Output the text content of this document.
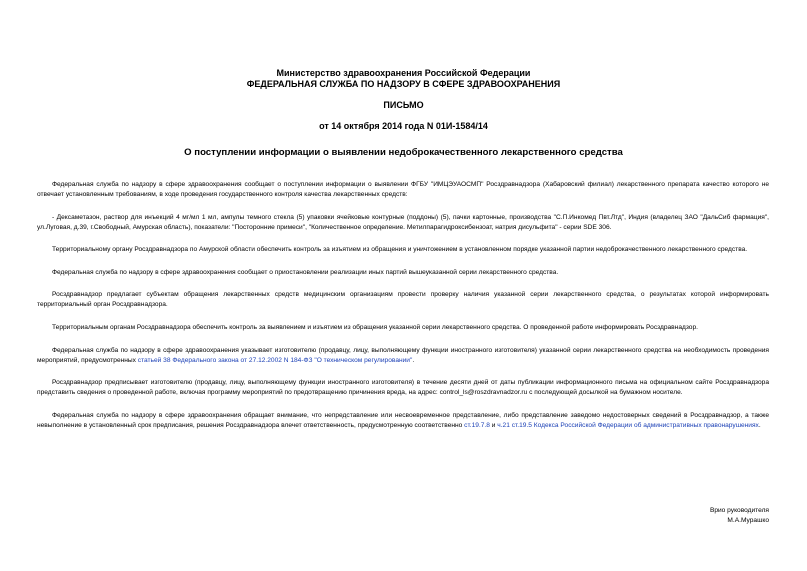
Министерство здравоохранения Российской Федерации
ФЕДЕРАЛЬНАЯ СЛУЖБА ПО НАДЗОРУ В СФЕРЕ ЗДРАВООХРАНЕНИЯ
ПИСЬМО
от 14 октября 2014 года N 01И-1584/14
О поступлении информации о выявлении недоброкачественного лекарственного средства

Федеральная служба по надзору в сфере здравоохранения сообщает о поступлении информации о выявлении ФГБУ "ИМЦЭУАОСМП" Росздравнадзора (Хабаровский филиал) лекарственного препарата качество которого не отвечает установленным требованиям, в ходе проведения государственного контроля качества лекарственных средств:

- Дексаметазон, раствор для инъекций 4 мг/мл 1 мл, ампулы темного стекла (5) упаковки ячейковые контурные (поддоны) (5), пачки картонные, производства "С.П.Инкомед Пвт.Лтд", Индия (владелец ЗАО "ДальСиб фармация", ул.Луговая, д.39, г.Свободный, Амурская область), показатели: "Посторонние примеси", "Количественное определение. Метилпарагидроксибензоат, натрия дисульфита" - серии SDE 306.

Территориальному органу Росздравнадзора по Амурской области обеспечить контроль за изъятием из обращения и уничтожением в установленном порядке указанной партии недоброкачественного лекарственного средства.

Федеральная служба по надзору в сфере здравоохранения сообщает о приостановлении реализации иных партий вышеуказанной серии лекарственного средства.

Росздравнадзор предлагает субъектам обращения лекарственных средств медицинским организациям провести проверку наличия указанной серии лекарственного средства, о результатах которой информировать территориальный орган Росздравнадзора.

Территориальным органам Росздравнадзора обеспечить контроль за выявлением и изъятием из обращения указанной серии лекарственного средства. О проведенной работе информировать Росздравнадзор.

Федеральная служба по надзору в сфере здравоохранения указывает изготовителю (продавцу, лицу, выполняющему функции иностранного изготовителя) указанной серии лекарственного средства на необходимость проведения мероприятий, предусмотренных статьей 38 Федерального закона от 27.12.2002 N 184-ФЗ "О техническом регулировании".

Росздравнадзор предписывает изготовителю (продавцу, лицу, выполняющему функции иностранного изготовителя) в течение десяти дней от даты публикации информационного письма на официальном сайте Росздравнадзора представить сведения о проведенной работе, включая программу мероприятий по предотвращению причинения вреда, на адрес: control_ls@roszdravnadzor.ru с последующей досылкой на бумажном носителе.

Федеральная служба по надзору в сфере здравоохранения обращает внимание, что непредставление или несвоевременное представление, либо представление заведомо недостоверных сведений в Росздравнадзор, а также невыполнение в установленный срок предписания, решения Росздравнадзора влечет ответственность, предусмотренную соответственно ст.19.7.8 и ч.21 ст.19.5 Кодекса Российской Федерации об административных правонарушениях.

Врио руководителя
М.А.Мурашко
